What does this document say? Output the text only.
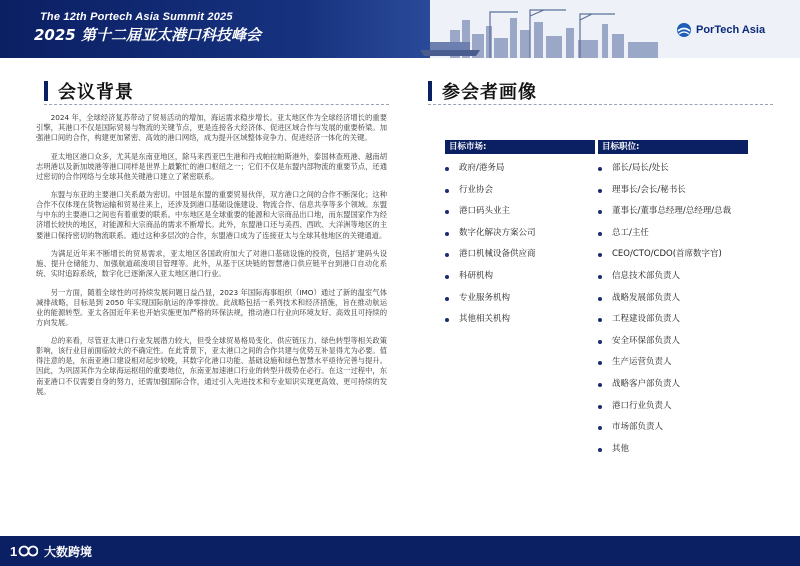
The 12th Portech Asia Summit 2025
2025 第十二届亚太港口科技峰会	PorTech Asia
会议背景

2024 年，全球经济复苏带动了贸易活动的增加，海运需求稳步增长。亚太地区作为全球经济增长的重要引擎，其港口不仅是国际贸易与物流的关键节点，更是连接各大经济体、促进区域合作与发展的重要桥梁。加强港口间的合作，构建更加紧密、高效的港口网络，成为提升区域整体竞争力、促进经济一体化的关键。

亚太地区港口众多，尤其是东南亚地区，除马来西亚巴生港和丹戎帕拉帕斯港外，泰国林查班港、越南胡志明港以及新加坡港等港口同样是世界上最繁忙的港口枢纽之一；它们不仅是东盟内部物流的重要节点，还通过密切的合作网络与全球其他关键港口建立了紧密联系。

东盟与东亚的主要港口关系最为密切。中国是东盟的重要贸易伙伴，双方港口之间的合作不断深化；这种合作不仅体现在货物运输和贸易往来上，还涉及到港口基础设施建设、物流合作、信息共享等多个领域。东盟与中东的主要港口之间也有着重要的联系。中东地区是全球重要的能源和大宗商品出口地，而东盟国家作为经济增长较快的地区，对能源和大宗商品的需求不断增长。此外，东盟港口还与美西、西欧、大洋洲等地区的主要港口保持密切的物流联系。通过这种多层次的合作，东盟港口成为了连接亚太与全球其他地区的关键通道。

为满足近年来不断增长的贸易需求，亚太地区各国政府加大了对港口基础设施的投资，包括扩建码头设施、提升仓储能力、加强航道疏浚项目管理等。此外，从基于区块链的智慧港口供应链平台到港口自动化系统、实时追踪系统，数字化已逐渐深入亚太地区港口行业。

另一方面，随着全球性的可持续发展问题日益凸显，2023 年国际海事组织（IMO）通过了新的温室气体减排战略，目标是到 2050 年实现国际航运的净零排放。此战略包括一系列技术和经济措施，旨在推动航运业的能源转型。亚太各国近年来也开始实施更加严格的环保法规，推动港口行业向环境友好、高效且可持续的方向发展。

总的来看，尽管亚太港口行业发展潜力较大，但受全球贸易格局变化、供应链压力、绿色转型等相关政策影响，该行业目前面临较大的不确定性。在此背景下，亚太港口之间的合作共建与优势互补显得尤为必要。值得注意的是，东南亚港口建设相对起步较晚，其数字化港口功能、基础设施和绿色智慧水平亟待完善与提升。因此，为巩固其作为全球海运枢纽的重要地位，东南亚加速港口行业的转型升级势在必行。在这一过程中，东南亚港口不仅需要自身的努力，还需加强国际合作，通过引入先进技术和专业知识实现更高效、更可持续的发展。

参会者画像
目标市场:
政府/港务局
行业协会
港口码头业主
数字化解决方案公司
港口机械设备供应商
科研机构
专业服务机构
其他相关机构
目标职位:
部长/局长/处长
理事长/会长/秘书长
董事长/董事总经理/总经理/总裁
总工/主任
CEO/CTO/CDO(首席数字官)
信息技术部负责人
战略发展部负责人
工程建设部负责人
安全环保部负责人
生产运营负责人
战略客户部负责人
港口行业负责人
市场部负责人
其他
1 大数跨境
